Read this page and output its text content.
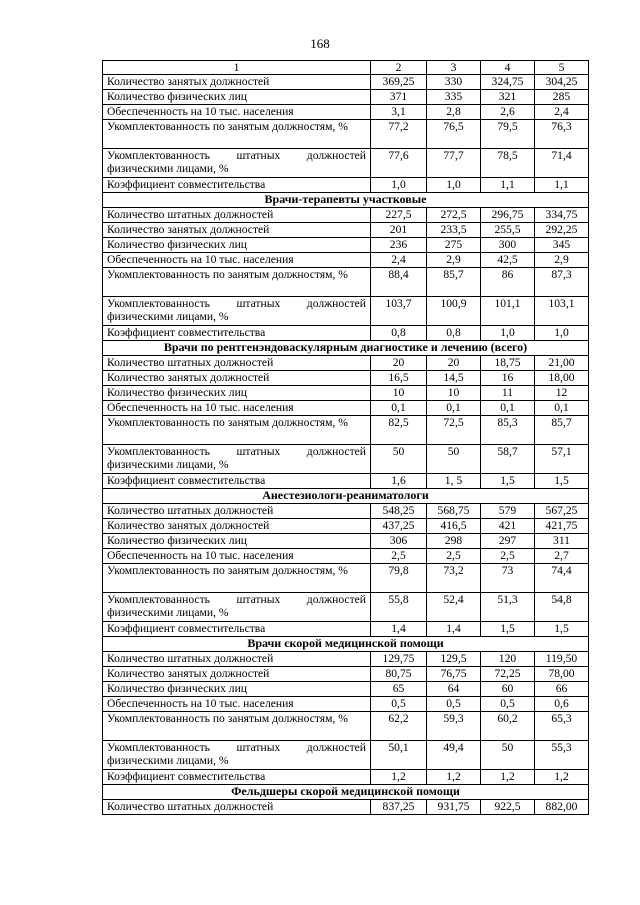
168
1	2	3	4	5
Количество занятых должностей	369,25	330	324,75	304,25
Количество физических лиц	371	335	321	285
Обеспеченность на 10 тыс. населения	3,1	2,8	2,6	2,4
Укомплектованность по занятым должностям, %	77,2	76,5	79,5	76,3
Укомплектованность штатных должностей физическими лицами, %	77,6	77,7	78,5	71,4
Коэффициент совместительства	1,0	1,0	1,1	1,1
Врачи-терапевты участковые				
Количество штатных должностей	227,5	272,5	296,75	334,75
Количество занятых должностей	201	233,5	255,5	292,25
Количество физических лиц	236	275	300	345
Обеспеченность на 10 тыс. населения	2,4	2,9	42,5	2,9
Укомплектованность по занятым должностям, %	88,4	85,7	86	87,3
Укомплектованность штатных должностей физическими лицами, %	103,7	100,9	101,1	103,1
Коэффициент совместительства	0,8	0,8	1,0	1,0
Врачи по рентгенэндоваскулярным диагностике и лечению (всего)				
Количество штатных должностей	20	20	18,75	21,00
Количество занятых должностей	16,5	14,5	16	18,00
Количество физических лиц	10	10	11	12
Обеспеченность на 10 тыс. населения	0,1	0,1	0,1	0,1
Укомплектованность по занятым должностям, %	82,5	72,5	85,3	85,7
Укомплектованность штатных должностей физическими лицами, %	50	50	58,7	57,1
Коэффициент совместительства	1,6	1, 5	1,5	1,5
Анестезиологи-реаниматологи				
Количество штатных должностей	548,25	568,75	579	567,25
Количество занятых должностей	437,25	416,5	421	421,75
Количество физических лиц	306	298	297	311
Обеспеченность на 10 тыс. населения	2,5	2,5	2,5	2,7
Укомплектованность по занятым должностям, %	79,8	73,2	73	74,4
Укомплектованность штатных должностей физическими лицами, %	55,8	52,4	51,3	54,8
Коэффициент совместительства	1,4	1,4	1,5	1,5
Врачи скорой медицинской помощи				
Количество штатных должностей	129,75	129,5	120	119,50
Количество занятых должностей	80,75	76,75	72,25	78,00
Количество физических лиц	65	64	60	66
Обеспеченность на 10 тыс. населения	0,5	0,5	0,5	0,6
Укомплектованность по занятым должностям, %	62,2	59,3	60,2	65,3
Укомплектованность штатных должностей физическими лицами, %	50,1	49,4	50	55,3
Коэффициент совместительства	1,2	1,2	1,2	1,2
Фельдшеры скорой медицинской помощи				
Количество штатных должностей	837,25	931,75	922,5	882,00
